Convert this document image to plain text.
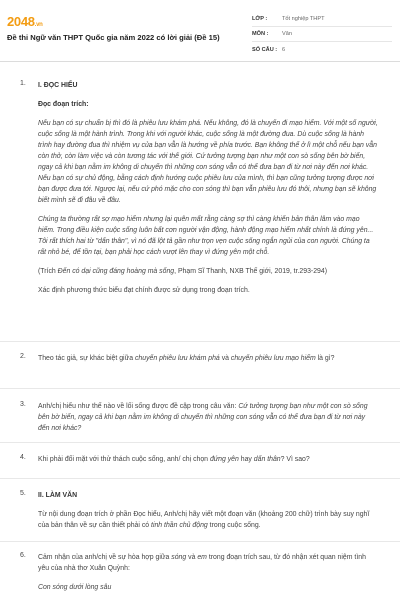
2048.vn
Đề thi Ngữ văn THPT Quốc gia năm 2022 có lời giải (Đề 15)
LỚP :	Tốt nghiệp THPT
MÔN :	Văn
SỐ CÂU : 6
1. I. ĐỌC HIỂU
Đọc đoạn trích:
Nếu bạn có sự chuẩn bị thì đó là phiêu lưu khám phá. Nếu không, đó là chuyến đi mạo hiểm. Với một số người, cuộc sống là một hành trình. Trong khi với người khác, cuộc sống là một đường đua. Dù cuộc sống là hành trình hay đường đua thì nhiệm vụ của bạn vẫn là hướng về phía trước. Bạn không thể ở lì một chỗ nếu bạn vẫn còn thở, còn làm việc và còn tương tác với thế giới. Cứ tưởng tượng bạn như một con sò sống bên bờ biển, ngay cả khi bạn nằm im không di chuyển thì những con sóng vẫn có thể đưa bạn đi từ nơi này đến nơi khác. Nếu bạn có sự chủ động, bằng cách định hướng cuộc phiêu lưu của mình, thì bạn cũng tưởng tượng được nơi bạn được đưa tới. Ngược lại, nếu cứ phó mặc cho con sóng thì bạn vẫn phiêu lưu đó thôi, nhưng bạn sẽ không biết mình sẽ đi đâu về đâu.
Chúng ta thường rất sợ mạo hiểm nhưng lại quên mất rằng càng sợ thì càng khiến bản thân lâm vào mạo hiểm. Trong điều kiện cuộc sống luôn bất cơn người vận động, hành động mạo hiểm nhất chính là đứng yên... Tôi rất thích hai từ "dấn thân", vì nó đã lột tả gần như trọn vẹn cuộc sống ngắn ngủi của con người. Chúng ta rất nhỏ bé, để tồn tại, bạn phải học cách vượt lên thay vì đứng yên một chỗ.
(Trích Đến có dại cũng đáng hoàng mà sống, Phạm Sĩ Thanh, NXB Thế giới, 2019, tr.293-294)
Xác định phương thức biểu đạt chính được sử dụng trong đoạn trích.
2. Theo tác giả, sự khác biệt giữa chuyến phiêu lưu khám phá và chuyến phiêu lưu mạo hiểm là gì?
3. Anh/chị hiểu như thế nào về lối sống được đề cập trong câu văn: Cứ tưởng tượng bạn như một con sò sống bên bờ biển, ngay cả khi bạn nằm im không di chuyển thì những con sóng vẫn có thể đưa bạn đi từ nơi này đến nơi khác?
4. Khi phải đối mặt với thử thách cuộc sống, anh/ chị chọn đứng yên hay dấn thân? Vì sao?
5. II. LÀM VĂN
Từ nội dung đoạn trích ở phần Đọc hiểu, Anh/chị hãy viết một đoạn văn (khoảng 200 chữ) trình bày suy nghĩ của bản thân về sự cần thiết phải có tinh thần chủ động trong cuộc sống.
6. Cảm nhận của anh/chị về sự hòa hợp giữa sóng và em trong đoạn trích sau, từ đó nhận xét quan niệm tình yêu của nhà thơ Xuân Quỳnh:
Con sóng dưới lòng sâu
